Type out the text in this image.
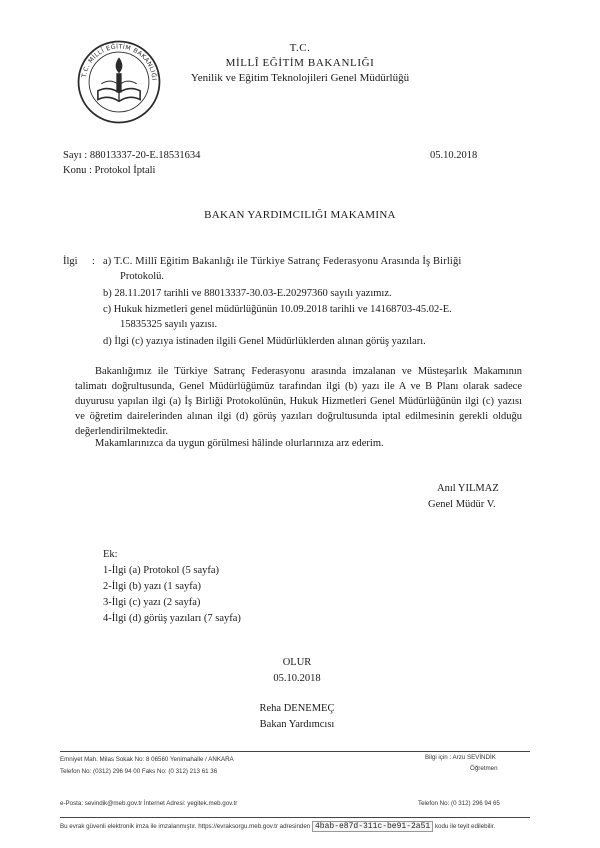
T.C. MİLLÎ EĞİTİM BAKANLIĞI
T.C.
MİLLÎ EĞİTİM BAKANLIĞI
Yenilik ve Eğitim Teknolojileri Genel Müdürlüğü
Sayı : 88013337-20-E.18531634	05.10.2018
Konu : Protokol İptali
BAKAN YARDIMCILIĞI MAKAMINA
İlgi : a) T.C. Millî Eğitim Bakanlığı ile Türkiye Satranç Federasyonu Arasında İş Birliği
Protokolü.
b) 28.11.2017 tarihli ve 88013337-30.03-E.20297360 sayılı yazımız.
c) Hukuk hizmetleri genel müdürlüğünün 10.09.2018 tarihli ve 14168703-45.02-E.
15835325 sayılı yazısı.
d) İlgi (c) yazıya istinaden ilgili Genel Müdürlüklerden alınan görüş yazıları.
Bakanlığımız ile Türkiye Satranç Federasyonu arasında imzalanan ve Müsteşarlık Makamının talimatı doğrultusunda, Genel Müdürlüğümüz tarafından ilgi (b) yazı ile A ve B Planı olarak sadece duyurusu yapılan ilgi (a) İş Birliği Protokolünün, Hukuk Hizmetleri Genel Müdürlüğünün ilgi (c) yazısı ve öğretim dairelerinden alınan ilgi (d) görüş yazıları doğrultusunda iptal edilmesinin gerekli olduğu değerlendirilmektedir.
Makamlarınızca da uygun görülmesi hâlinde olurlarınıza arz ederim.
Anıl YILMAZ
Genel Müdür V.
Ek:
1-İlgi (a) Protokol (5 sayfa)
2-İlgi (b) yazı (1 sayfa)
3-İlgi (c) yazı (2 sayfa)
4-İlgi (d) görüş yazıları (7 sayfa)
OLUR
05.10.2018
Reha DENEMEÇ
Bakan Yardımcısı
Emniyet Mah. Milas Sokak No: 8 06560 Yenimahalle / ANKARA
Telefon No: (0312) 296 94 00 Faks No: (0 312) 213 61 36
e-Posta: sevindik@meb.gov.tr İnternet Adresi: yegitek.meb.gov.tr
Bilgi için : Arzu SEVİNDİK
Öğretmen
Telefon No: (0 312) 296 94 65
Bu evrak güvenli elektronik imza ile imzalanmıştır. https://evraksorgu.meb.gov.tr adresinden 4bab-e87d-311c-be91-2a51 kodu ile teyit edilebilir.
